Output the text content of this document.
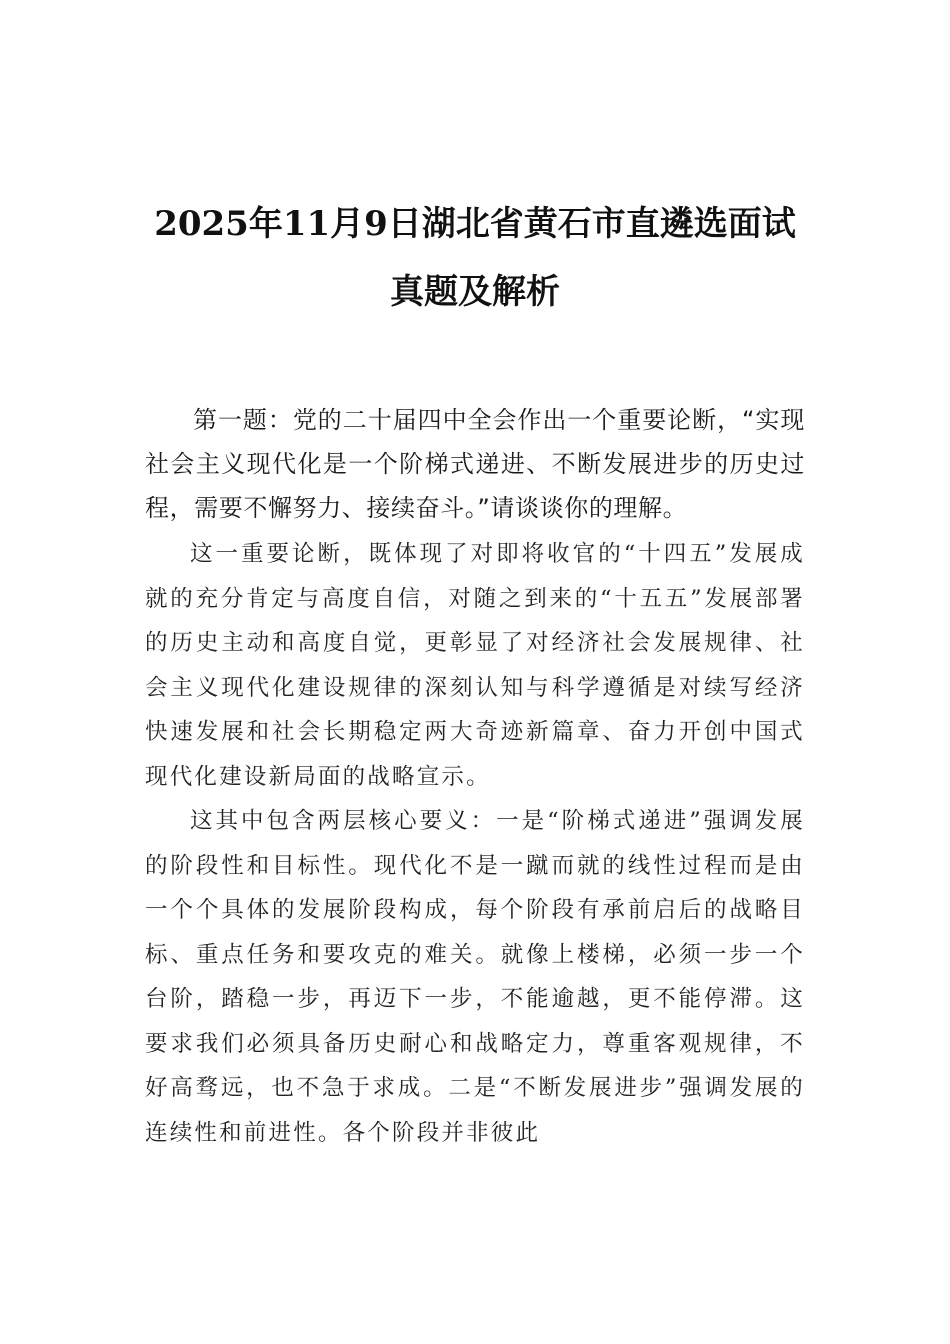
2025年11月9日湖北省黄石市直遴选面试
真题及解析

第一题：党的二十届四中全会作出一个重要论断，“实现社会主义现代化是一个阶梯式递进、不断发展进步的历史过程，需要不懈努力、接续奋斗。”请谈谈你的理解。

这一重要论断，既体现了对即将收官的“十四五”发展成就的充分肯定与高度自信，对随之到来的“十五五”发展部署的历史主动和高度自觉，更彰显了对经济社会发展规律、社会主义现代化建设规律的深刻认知与科学遵循是对续写经济快速发展和社会长期稳定两大奇迹新篇章、奋力开创中国式现代化建设新局面的战略宣示。

这其中包含两层核心要义：一是“阶梯式递进”强调发展的阶段性和目标性。现代化不是一蹴而就的线性过程而是由一个个具体的发展阶段构成，每个阶段有承前启后的战略目标、重点任务和要攻克的难关。就像上楼梯，必须一步一个台阶，踏稳一步，再迈下一步，不能逾越，更不能停滞。这要求我们必须具备历史耐心和战略定力，尊重客观规律，不好高骛远，也不急于求成。二是“不断发展进步”强调发展的连续性和前进性。各个阶段并非彼此
